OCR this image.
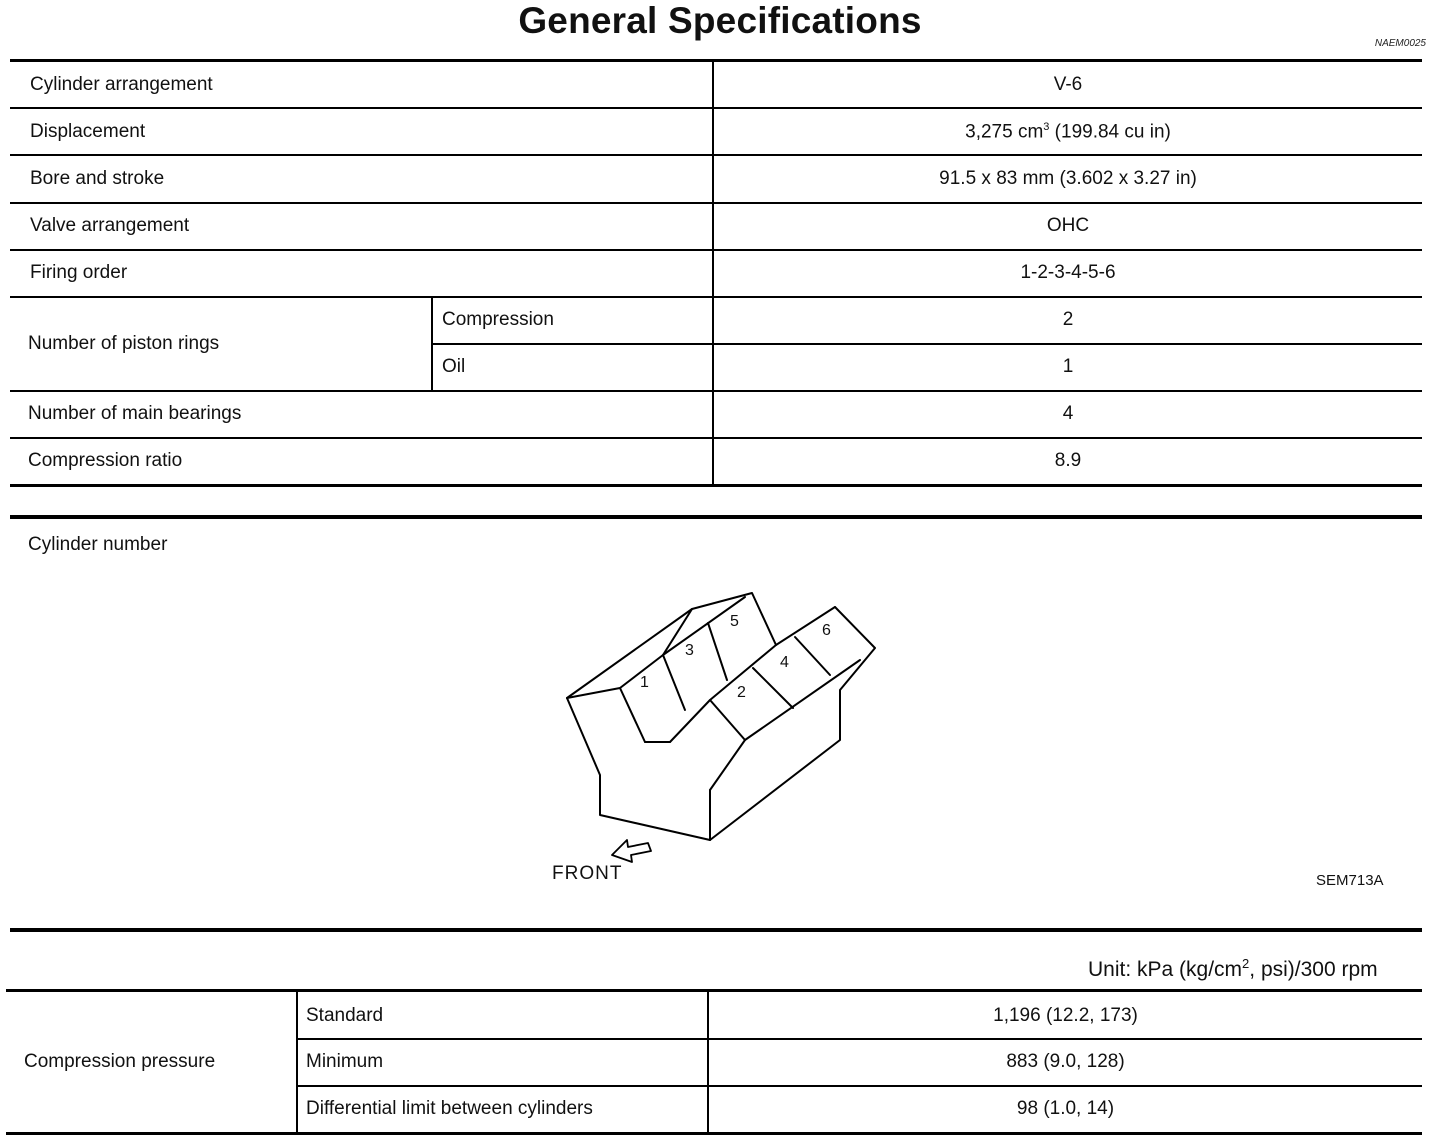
General Specifications
NAEM0025
Cylinder arrangement	V-6
Displacement	3,275 $cm^3$ (199.84 cu in)
Bore and stroke	91.5 x 83 mm (3.602 x 3.27 in)
Valve arrangement	OHC
Firing order	1-2-3-4-5-6
Number of piston rings
Compression	2
Oil	1
Number of main bearings	4
Compression ratio	8.9
Cylinder number
1
2
3
4
5
6
FRONT	SEM713A
Unit: kPa ($kg/cm^2$, psi)/300 rpm
Compression pressure
Standard	1,196 (12.2, 173)
Minimum	883 (9.0, 128)
Differential limit between cylinders	98 (1.0, 14)
